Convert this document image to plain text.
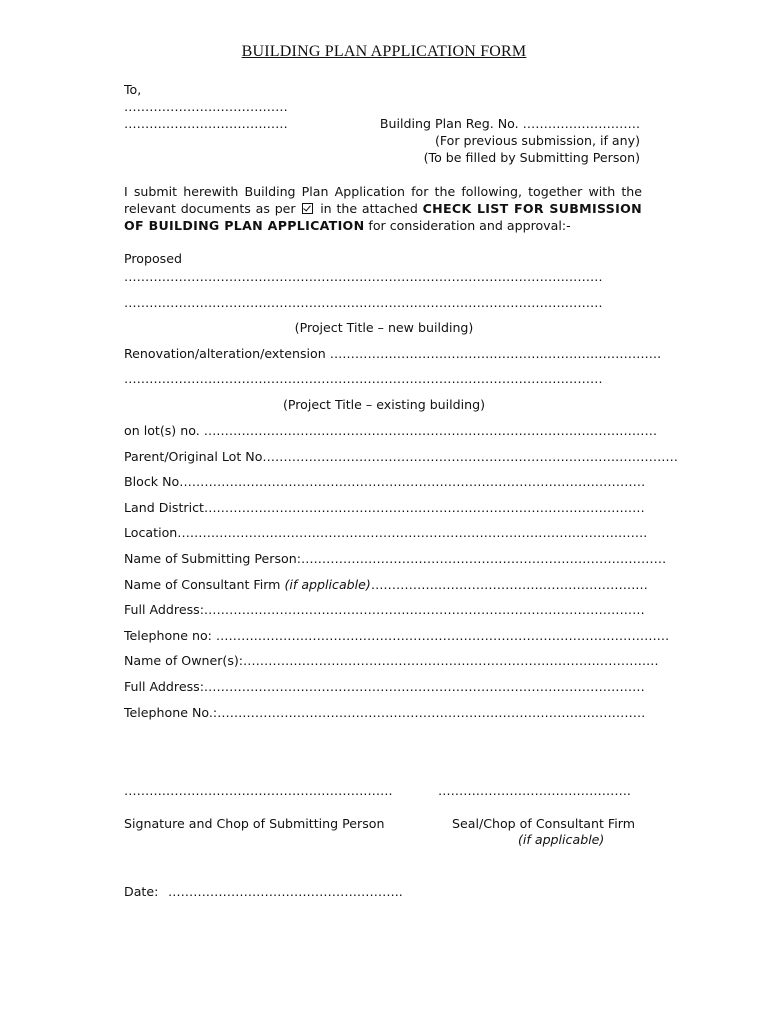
BUILDING PLAN APPLICATION FORM
To,
…………………………………
…………………………………	Building Plan Reg. No. ……………………….
(For previous submission, if any)
(To be filled by Submitting Person)
I submit herewith Building Plan Application for the following, together with the relevant documents as per in the attached CHECK LIST FOR SUBMISSION OF BUILDING PLAN APPLICATION for consideration and approval:-
Proposed
……………………………………………………………………………………………………
……………………………………………………………………………………………………
(Project Title – new building)
Renovation/alteration/extension …………………………………………………………………….
……………………………………………………………………………………………………
(Project Title – existing building)
on lot(s) no. ………………………………………………………………………………………………
Parent/Original Lot No………………………………………………………………………………………
Block No…………………………………………………………………………………………………
Land District……………………………………………………………………………………………
Location………………………………………………………………………………………………….
Name of Submitting Person:……………………………………………………………………………
Name of Consultant Firm (if applicable)…………………………………………………………
Full Address:……………………………………………………………………………………………
Telephone no: ………………………………………………………………………………………………
Name of Owner(s):………………………………………………………………………………………
Full Address:……………………………………………………………………………………………
Telephone No.:…………………………………………………………………………………………
……………………………………………………….	……………………………………….
Signature and Chop of Submitting Person	Seal/Chop of Consultant Firm
(if applicable)
Date: ………………………………………………..
